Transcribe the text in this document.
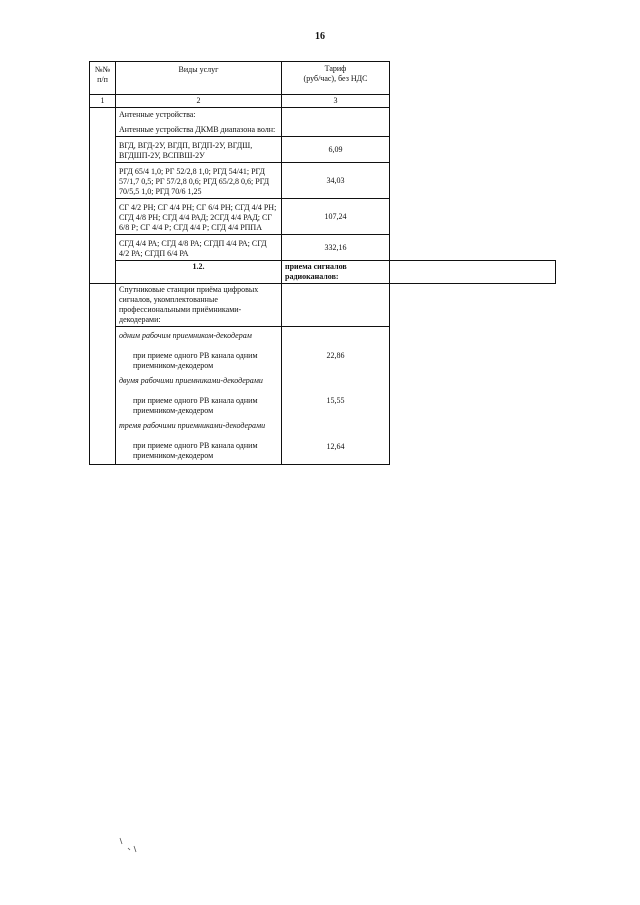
16
№№
п/п	Виды услуг	Тариф
(руб/час), без НДС	
1	2	3	

	Антенные устройства:
Антенные устройства ДКМВ диапазона волн:		

	ВГД, ВГД-2У, ВГДП, ВГДП-2У, ВГДШ, ВГДШП-2У, ВСПВШ-2У	6,09	
	РГД 65/4 1,0; РГ 52/2,8 1,0; РГД 54/41; РГД 57/1,7 0,5; РГ 57/2,8 0,6; РГД 65/2,8 0,6; РГД 70/5,5 1,0; РГД 70/6 1,25	34,03	
	СГ 4/2 РН; СГ 4/4 РН; СГ 6/4 РН; СГД 4/4 РН; СГД 4/8 РН; СГД 4/4 РАД; 2СГД 4/4 РАД; СГ 6/8 Р; СГ 4/4 Р; СГД 4/4 Р; СГД 4/4 РППА	107,24	
	СГД 4/4 РА; СГД 4/8 РА; СГДП 4/4 РА; СГД 4/2 РА; СГДП 6/4 РА	332,16	
	1.2.	приема сигналов радиоканалов:	
	Спутниковые станции приёма цифровых сигналов, укомплектованные профессиональными приёмниками-декодерами:		

	одним рабочим приемником-декодерам
при приеме одного РВ канала одним приемником-декодером	22,86	

	двумя рабочими приемниками-декодерами
при приеме одного РВ канала одним приемником-декодером	15,55	

	тремя рабочими приемниками-декодерами
при приеме одного РВ канала одним приемником-декодером	12,64	
